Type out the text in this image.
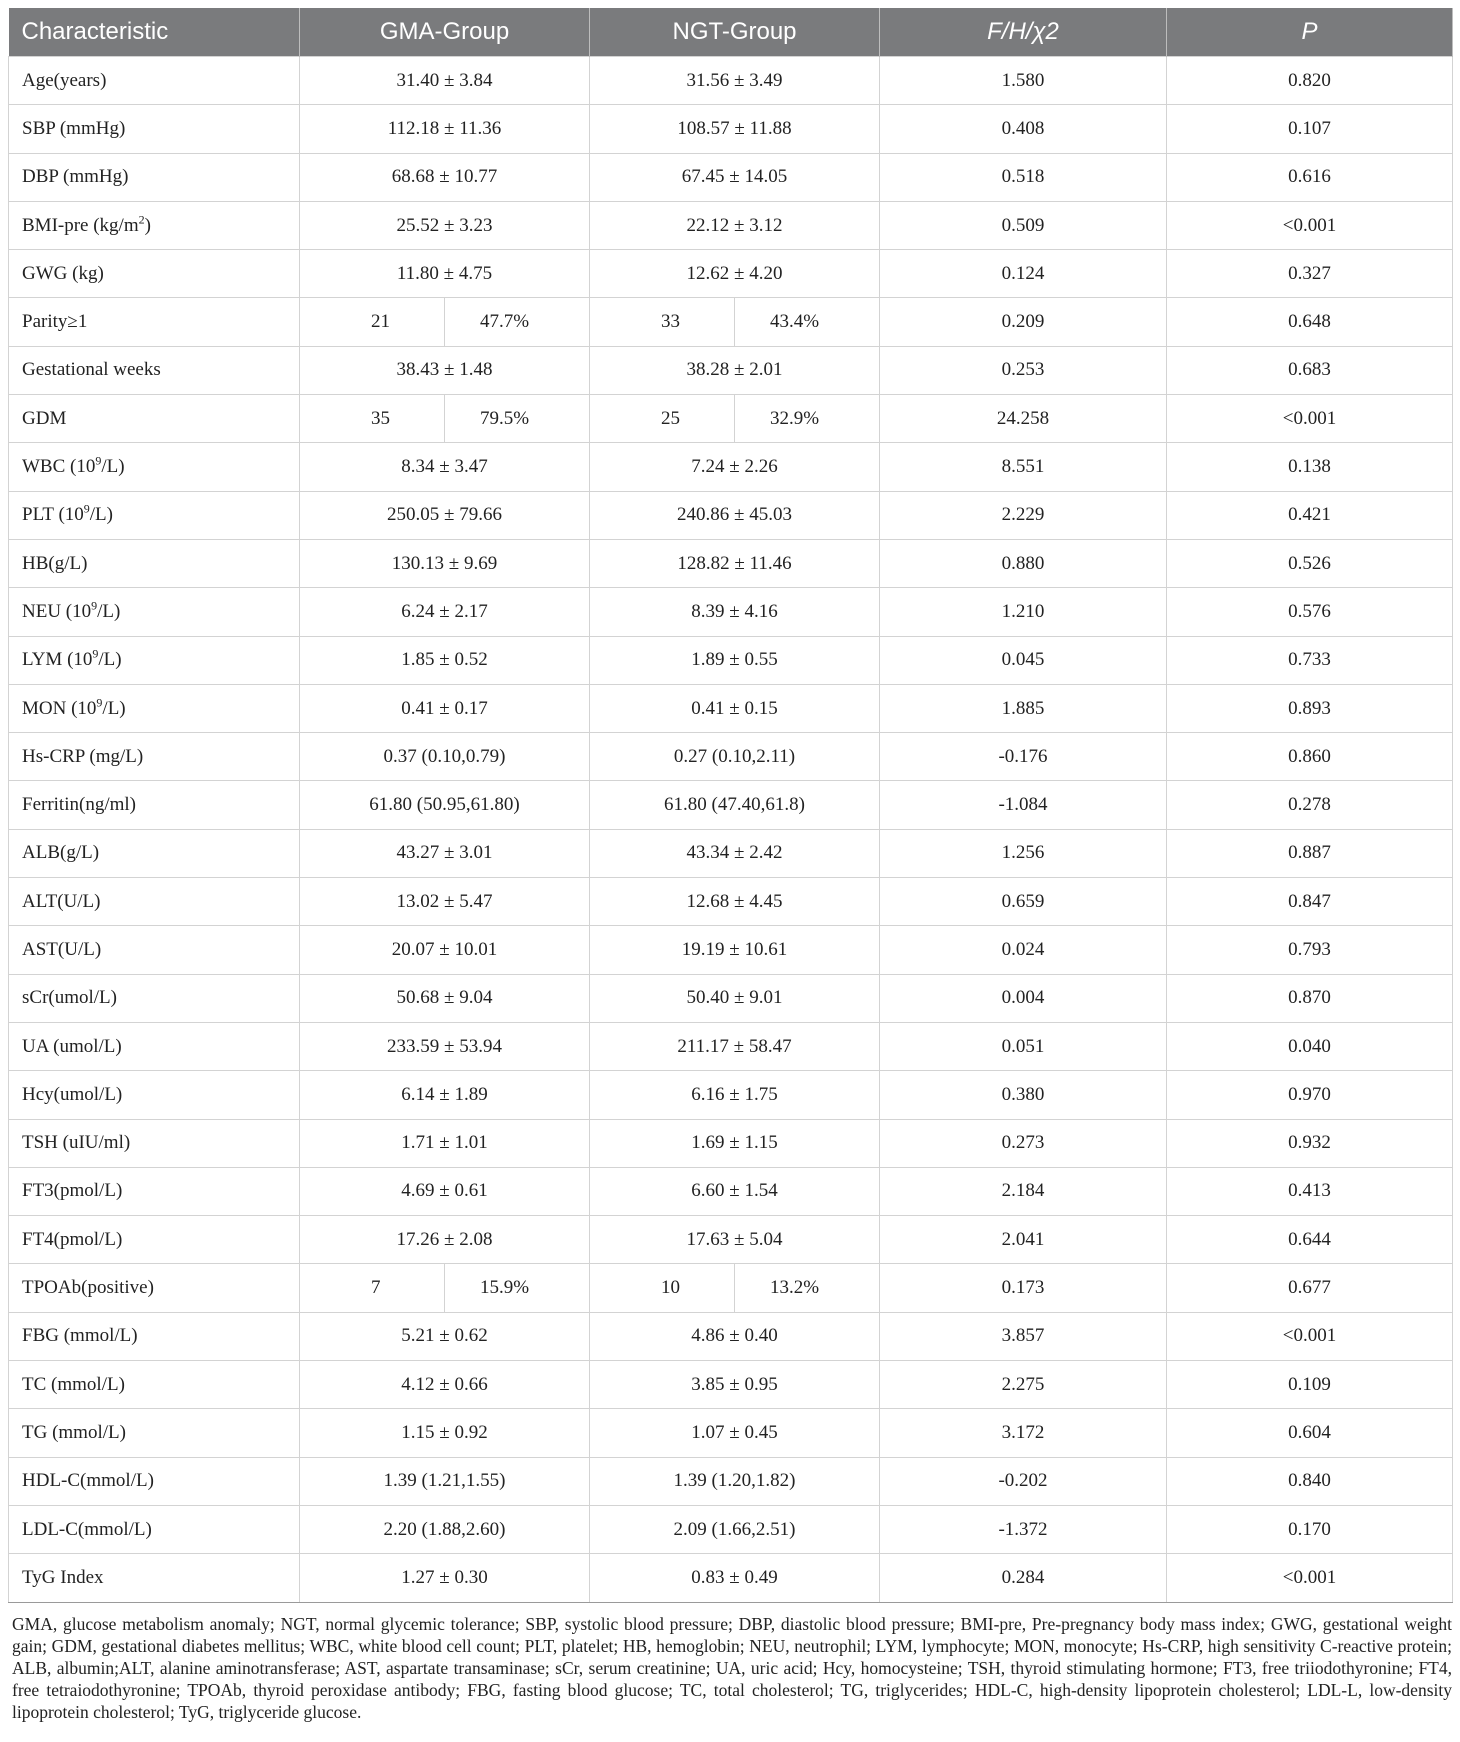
Characteristic	GMA-Group		NGT-Group		F/H/χ2	P
Age(years)	31.40 ± 3.84		31.56 ± 3.49		1.580	0.820
SBP (mmHg)	112.18 ± 11.36		108.57 ± 11.88		0.408	0.107
DBP (mmHg)	68.68 ± 10.77		67.45 ± 14.05		0.518	0.616
BMI-pre $(kg/m^2)$	25.52 ± 3.23		22.12 ± 3.12		0.509	<0.001
GWG (kg)	11.80 ± 4.75		12.62 ± 4.20		0.124	0.327
Parity≥1	21	47.7%	33	43.4%	0.209	0.648
Gestational weeks	38.43 ± 1.48		38.28 ± 2.01		0.253	0.683
GDM	35	79.5%	25	32.9%	24.258	<0.001
WBC $(10^9/L)$	8.34 ± 3.47		7.24 ± 2.26		8.551	0.138
PLT $(10^9/L)$	250.05 ± 79.66		240.86 ± 45.03		2.229	0.421
HB(g/L)	130.13 ± 9.69		128.82 ± 11.46		0.880	0.526
NEU $(10^9/L)$	6.24 ± 2.17		8.39 ± 4.16		1.210	0.576
LYM $(10^9/L)$	1.85 ± 0.52		1.89 ± 0.55		0.045	0.733
MON $(10^9/L)$	0.41 ± 0.17		0.41 ± 0.15		1.885	0.893
Hs-CRP (mg/L)	0.37 (0.10,0.79)		0.27 (0.10,2.11)		-0.176	0.860
Ferritin(ng/ml)	61.80 (50.95,61.80)		61.80 (47.40,61.8)		-1.084	0.278
ALB(g/L)	43.27 ± 3.01		43.34 ± 2.42		1.256	0.887
ALT(U/L)	13.02 ± 5.47		12.68 ± 4.45		0.659	0.847
AST(U/L)	20.07 ± 10.01		19.19 ± 10.61		0.024	0.793
sCr(umol/L)	50.68 ± 9.04		50.40 ± 9.01		0.004	0.870
UA (umol/L)	233.59 ± 53.94		211.17 ± 58.47		0.051	0.040
Hcy(umol/L)	6.14 ± 1.89		6.16 ± 1.75		0.380	0.970
TSH (uIU/ml)	1.71 ± 1.01		1.69 ± 1.15		0.273	0.932
FT3(pmol/L)	4.69 ± 0.61		6.60 ± 1.54		2.184	0.413
FT4(pmol/L)	17.26 ± 2.08		17.63 ± 5.04		2.041	0.644
TPOAb(positive)	7	15.9%	10	13.2%	0.173	0.677
FBG (mmol/L)	5.21 ± 0.62		4.86 ± 0.40		3.857	<0.001
TC (mmol/L)	4.12 ± 0.66		3.85 ± 0.95		2.275	0.109
TG (mmol/L)	1.15 ± 0.92		1.07 ± 0.45		3.172	0.604
HDL-C(mmol/L)	1.39 (1.21,1.55)		1.39 (1.20,1.82)		-0.202	0.840
LDL-C(mmol/L)	2.20 (1.88,2.60)		2.09 (1.66,2.51)		-1.372	0.170
TyG Index	1.27 ± 0.30		0.83 ± 0.49		0.284	<0.001
GMA, glucose metabolism anomaly; NGT, normal glycemic tolerance; SBP, systolic blood pressure; DBP, diastolic blood pressure; BMI-pre, Pre-pregnancy body mass index; GWG, gestational weight gain; GDM, gestational diabetes mellitus; WBC, white blood cell count; PLT, platelet; HB, hemoglobin; NEU, neutrophil; LYM, lymphocyte; MON, monocyte; Hs-CRP, high sensitivity C-reactive protein; ALB, albumin;ALT, alanine aminotransferase; AST, aspartate transaminase; sCr, serum creatinine; UA, uric acid; Hcy, homocysteine; TSH, thyroid stimulating hormone; FT3, free triiodothyronine; FT4, free tetraiodothyronine; TPOAb, thyroid peroxidase antibody; FBG, fasting blood glucose; TC, total cholesterol; TG, triglycerides; HDL-C, high-density lipoprotein cholesterol; LDL-L, low-density lipoprotein cholesterol; TyG, triglyceride glucose.
